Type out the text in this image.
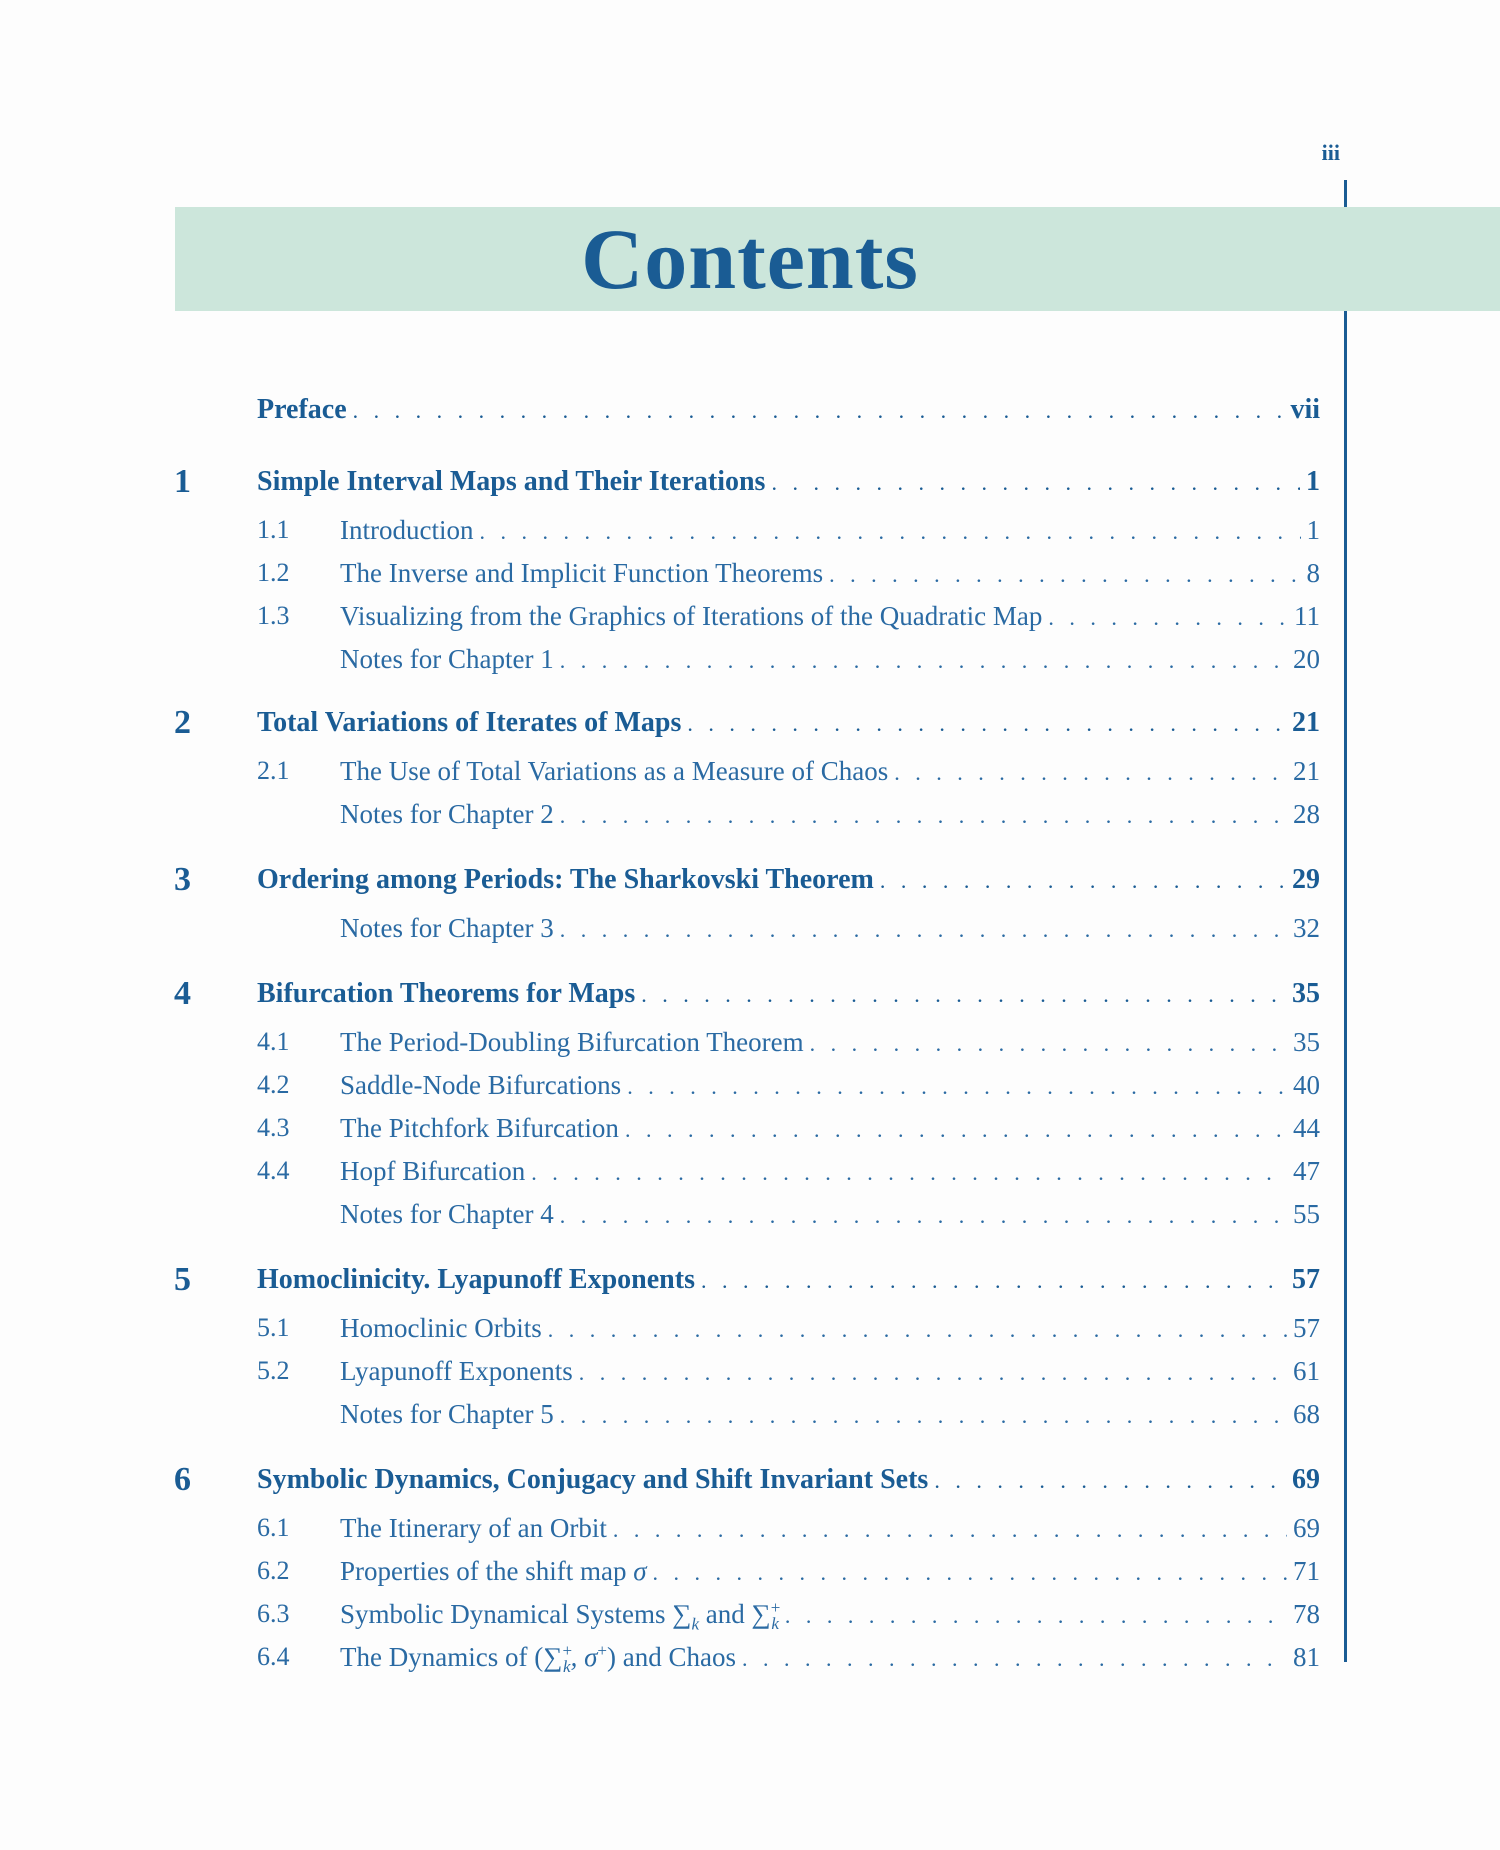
iii
Contents
Preface . . .	vii
1	Simple Interval Maps and Their Iterations . . .	1
1.1 Introduction . . .	1
1.2 The Inverse and Implicit Function Theorems . . .	8
1.3 Visualizing from the Graphics of Iterations of the Quadratic Map . . .	11
Notes for Chapter 1 . . .	20
2	Total Variations of Iterates of Maps . . .	21
2.1 The Use of Total Variations as a Measure of Chaos . . .	21
Notes for Chapter 2 . . .	28
3	Ordering among Periods: The Sharkovski Theorem . . .	29
Notes for Chapter 3 . . .	32
4	Bifurcation Theorems for Maps . . .	35
4.1 The Period-Doubling Bifurcation Theorem . . .	35
4.2 Saddle-Node Bifurcations . . .	40
4.3 The Pitchfork Bifurcation . . .	44
4.4 Hopf Bifurcation . . .	47
Notes for Chapter 4 . . .	55
5	Homoclinicity. Lyapunoff Exponents . . .	57
5.1 Homoclinic Orbits . . .	57
5.2 Lyapunoff Exponents . . .	61
Notes for Chapter 5 . . .	68
6	Symbolic Dynamics, Conjugacy and Shift Invariant Sets . . .	69
6.1 The Itinerary of an Orbit . . .	69
6.2 Properties of the shift map σ . . .	71
6.3 Symbolic Dynamical Systems $\sum_k$ and $\sum^+_k$ . . .	78
6.4 The Dynamics of ($\sum^+_k$, σ+) and Chaos . . .	81
